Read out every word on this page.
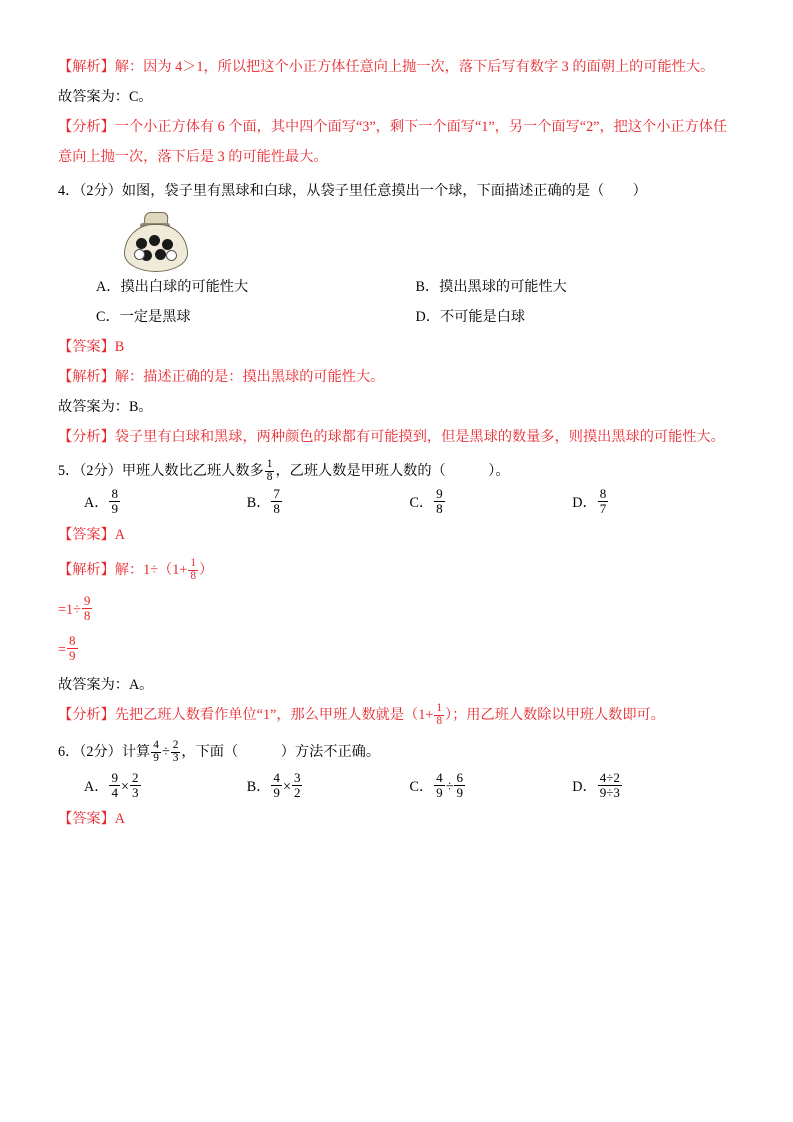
【解析】解：因为 4＞1，所以把这个小正方体任意向上抛一次，落下后写有数字 3 的面朝上的可能性大。
故答案为：C。
【分析】一个小正方体有 6 个面，其中四个面写“3”，剩下一个面写“1”，另一个面写“2”，把这个小正方体任意向上抛一次，落下后是 3 的可能性最大。
4．（2分）如图，袋子里有黑球和白球，从袋子里任意摸出一个球，下面描述正确的是（　　）
A．摸出白球的可能性大	B．摸出黑球的可能性大
C．一定是黑球	D．不可能是白球
【答案】B
【解析】解：描述正确的是：摸出黑球的可能性大。
故答案为：B。
【分析】袋子里有白球和黑球，两种颜色的球都有可能摸到，但是黑球的数量多，则摸出黑球的可能性大。
5．（2分）甲班人数比乙班人数多 $\frac{1}{8}$ ，乙班人数是甲班人数的（　　　）。
A． $\frac{8}{9}$	B． $\frac{7}{8}$	C． $\frac{9}{8}$	D． $\frac{8}{7}$
【答案】A
【解析】解：$1\div(1+ \frac{1}{8}$ ）
$=1\div \frac{9}{8}$
= $\frac{8}{9}$
故答案为：A。
【分析】先把乙班人数看作单位“1”，那么甲班人数就是（$1+ \frac{1}{8}$ ）；用乙班人数除以甲班人数即可。
6．（2分）计算 $\frac{4}{9} \div \frac{2}{3}$ ，下面（　　　）方法不正确。
A． $\frac{9}{4} \times \frac{2}{3}$	B． $\frac{4}{9} \times \frac{3}{2}$	C． $\frac{4}{9} \div \frac{6}{9}$	D． $\frac{4\div 2}{9\div 3}$
【答案】A
